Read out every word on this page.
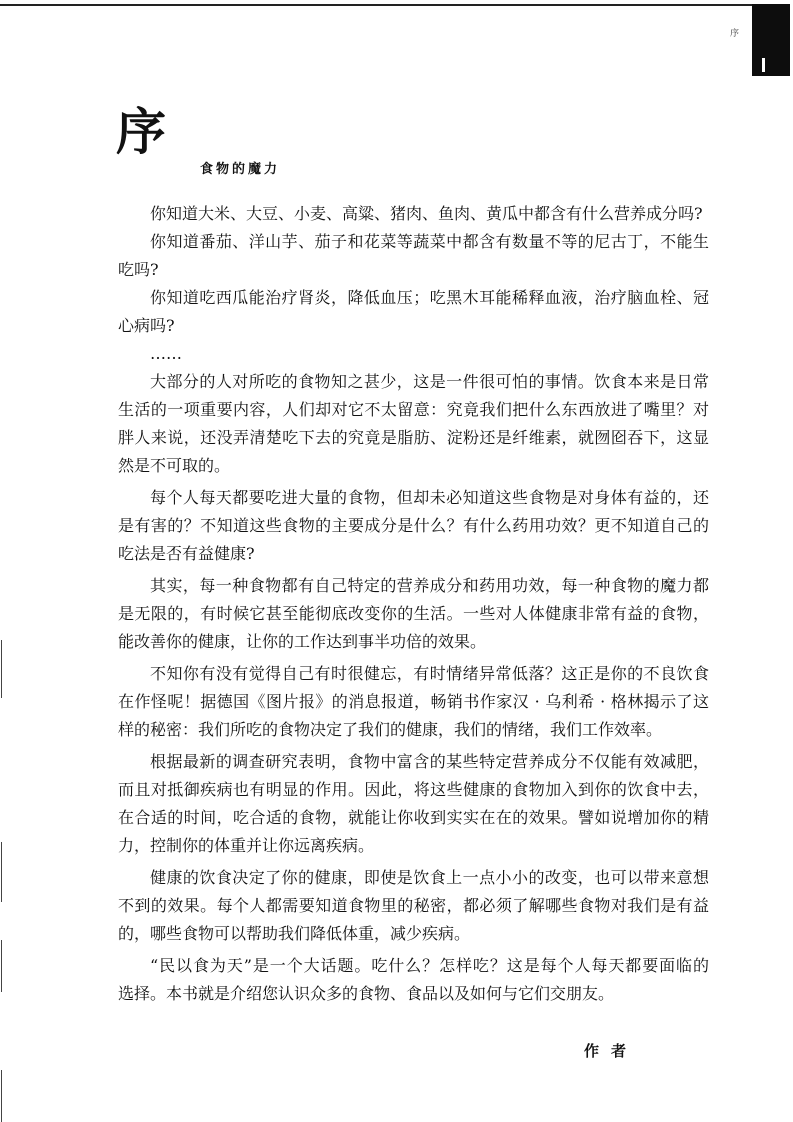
序
序
食物的魔力
你知道大米、大豆、小麦、高粱、猪肉、鱼肉、黄瓜中都含有什么营养成分吗?
你知道番茄、洋山芋、茄子和花菜等蔬菜中都含有数量不等的尼古丁，不能生
吃吗?
你知道吃西瓜能治疗肾炎，降低血压；吃黑木耳能稀释血液，治疗脑血栓、冠
心病吗?
……
大部分的人对所吃的食物知之甚少，这是一件很可怕的事情。饮食本来是日常
生活的一项重要内容，人们却对它不太留意：究竟我们把什么东西放进了嘴里？对
胖人来说，还没弄清楚吃下去的究竟是脂肪、淀粉还是纤维素，就囫囵吞下，这显
然是不可取的。
每个人每天都要吃进大量的食物，但却未必知道这些食物是对身体有益的，还
是有害的？不知道这些食物的主要成分是什么？有什么药用功效？更不知道自己的
吃法是否有益健康?
其实，每一种食物都有自己特定的营养成分和药用功效，每一种食物的魔力都
是无限的，有时候它甚至能彻底改变你的生活。一些对人体健康非常有益的食物，
能改善你的健康，让你的工作达到事半功倍的效果。
不知你有没有觉得自己有时很健忘，有时情绪异常低落？这正是你的不良饮食
在作怪呢！据德国《图片报》的消息报道，畅销书作家汉 · 乌利希 · 格林揭示了这
样的秘密：我们所吃的食物决定了我们的健康，我们的情绪，我们工作效率。
根据最新的调查研究表明，食物中富含的某些特定营养成分不仅能有效减肥，
而且对抵御疾病也有明显的作用。因此，将这些健康的食物加入到你的饮食中去，
在合适的时间，吃合适的食物，就能让你收到实实在在的效果。譬如说增加你的精
力，控制你的体重并让你远离疾病。
健康的饮食决定了你的健康，即使是饮食上一点小小的改变，也可以带来意想
不到的效果。每个人都需要知道食物里的秘密，都必须了解哪些食物对我们是有益
的，哪些食物可以帮助我们降低体重，减少疾病。
“民以食为天”是一个大话题。吃什么？怎样吃？这是每个人每天都要面临的
选择。本书就是介绍您认识众多的食物、食品以及如何与它们交朋友。
作者
